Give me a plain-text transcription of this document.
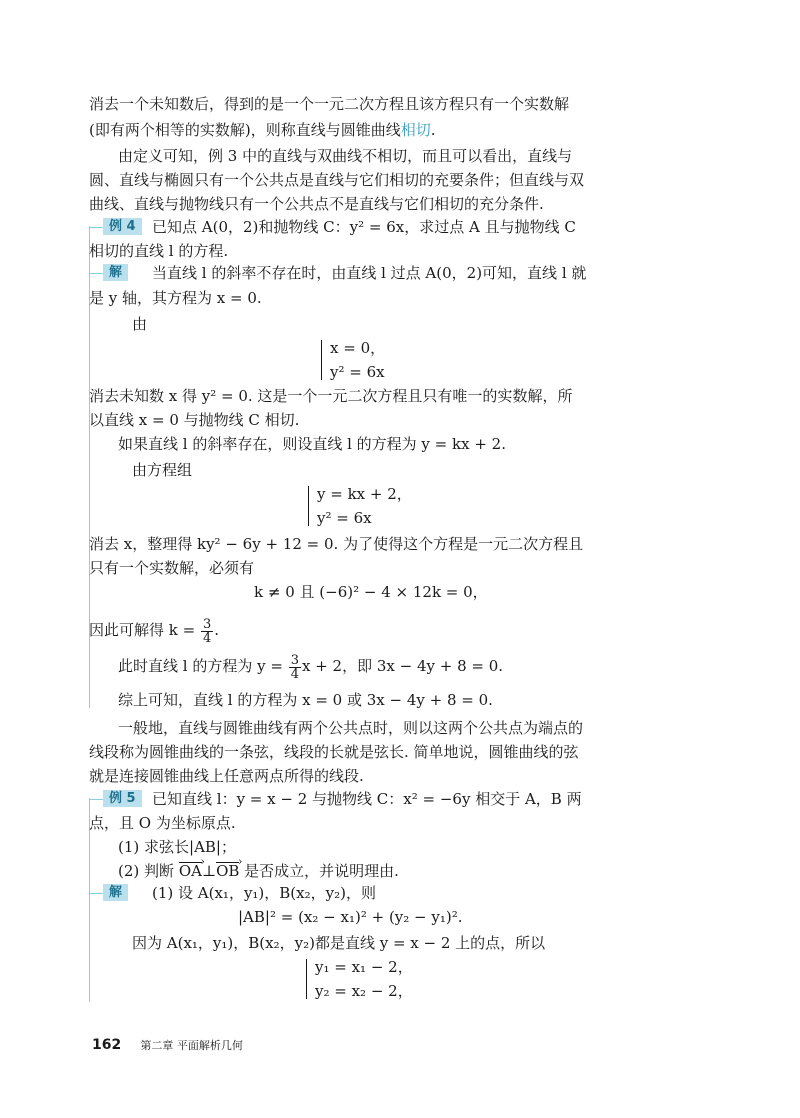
消去一个未知数后，得到的是一个一元二次方程且该方程只有一个实数解
(即有两个相等的实数解)，则称直线与圆锥曲线相切.
由定义可知，例 3 中的直线与双曲线不相切，而且可以看出，直线与
圆、直线与椭圆只有一个公共点是直线与它们相切的充要条件；但直线与双
曲线、直线与抛物线只有一个公共点不是直线与它们相切的充分条件.
例 4	已知点 A(0，2)和抛物线 C：y² = 6x，求过点 A 且与抛物线 C
相切的直线 l 的方程.
解	当直线 l 的斜率不存在时，由直线 l 过点 A(0，2)可知，直线 l 就
是 y 轴，其方程为 x = 0.
由
x = 0，
y² = 6x
消去未知数 x 得 y² = 0. 这是一个一元二次方程且只有唯一的实数解，所
以直线 x = 0 与抛物线 C 相切.
如果直线 l 的斜率存在，则设直线 l 的方程为 y = kx + 2.
由方程组
y = kx + 2，
y² = 6x
消去 x，整理得 ky² − 6y + 12 = 0. 为了使得这个方程是一元二次方程且
只有一个实数解，必须有
k ≠ 0 且 (−6)² − 4 × 12k = 0，
因此可解得 $k = \frac{3}{4}$ .
此时直线 l 的方程为 $y = \frac{3}{4}$ x + 2，即 3x − 4y + 8 = 0.
综上可知，直线 l 的方程为 x = 0 或 3x − 4y + 8 = 0.
一般地，直线与圆锥曲线有两个公共点时，则以这两个公共点为端点的
线段称为圆锥曲线的一条弦，线段的长就是弦长. 简单地说，圆锥曲线的弦
就是连接圆锥曲线上任意两点所得的线段.
例 5	已知直线 l：y = x − 2 与抛物线 C：x² = −6y 相交于 A，B 两
点，且 O 为坐标原点.
(1) 求弦长|AB|；
(2) 判断 OA ›⊥OB › 是否成立，并说明理由.
解	(1) 设 A(x₁，y₁)，B(x₂，y₂)，则
|AB|² = (x₂ − x₁)² + (y₂ − y₁)².
因为 A(x₁，y₁)，B(x₂，y₂)都是直线 y = x − 2 上的点，所以
y₁ = x₁ − 2，
y₂ = x₂ − 2，
162 第二章 平面解析几何
